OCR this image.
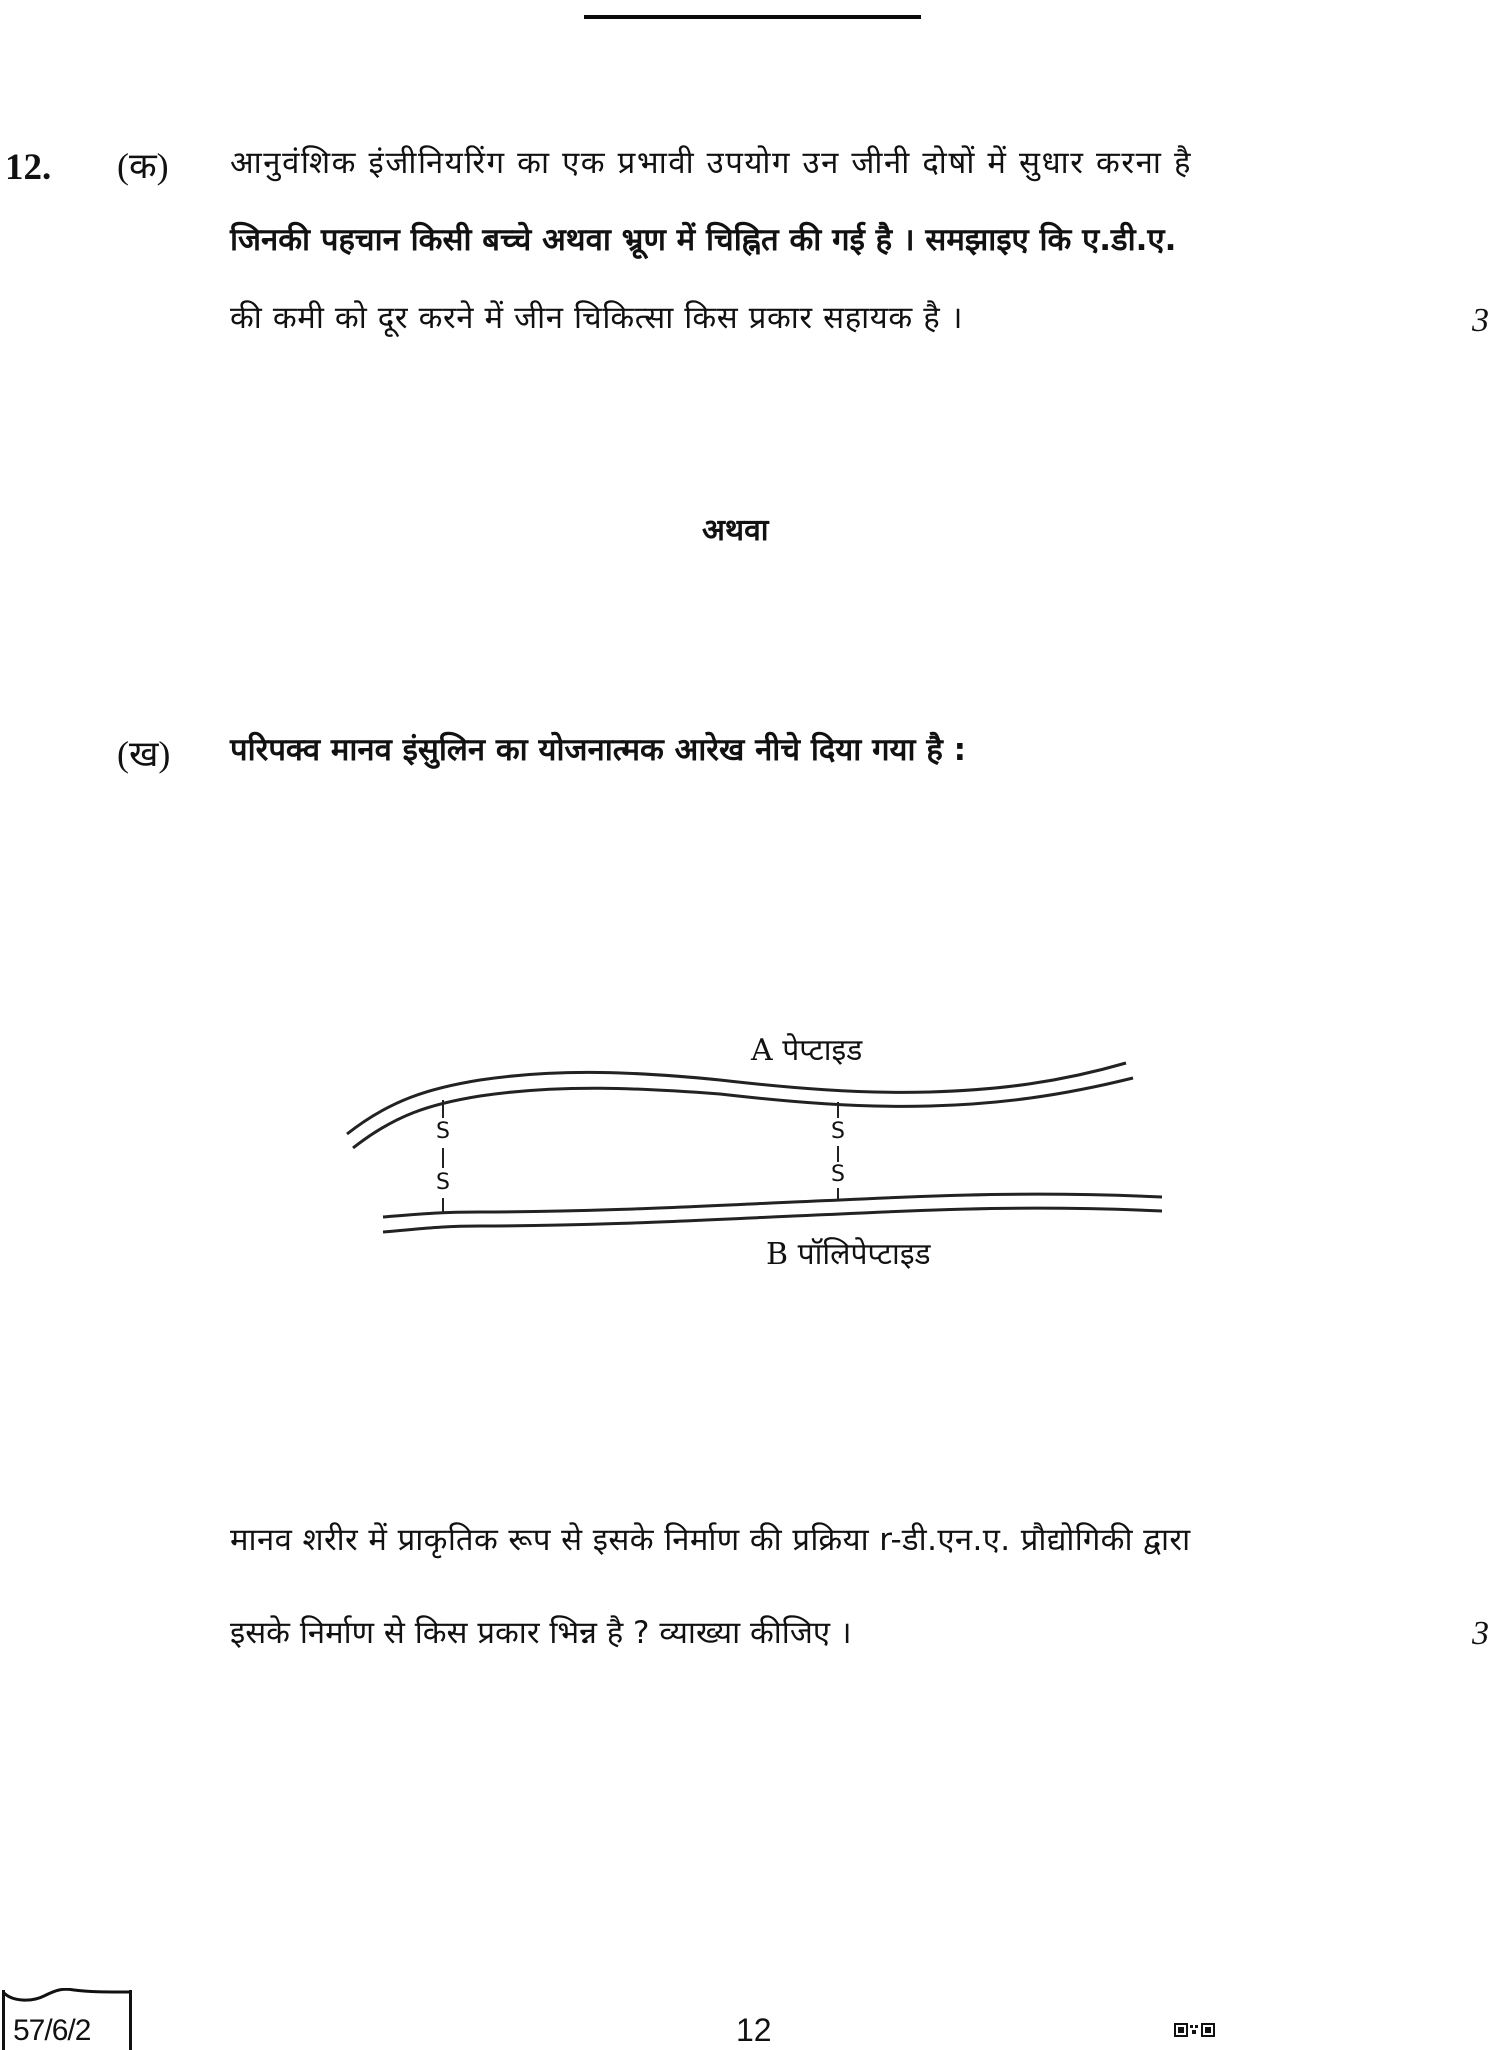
12. (क) आनुवंशिक इंजीनियरिंग का एक प्रभावी उपयोग उन जीनी दोषों में सुधार करना है
जिनकी पहचान किसी बच्चे अथवा भ्रूण में चिह्नित की गई है । समझाइए कि ए.डी.ए.
की कमी को दूर करने में जीन चिकित्सा किस प्रकार सहायक है ।	3
अथवा
(ख) परिपक्व मानव इंसुलिन का योजनात्मक आरेख नीचे दिया गया है :
S
S
S
S
A पेप्टाइड
B पॉलिपेप्टाइड
मानव शरीर में प्राकृतिक रूप से इसके निर्माण की प्रक्रिया r-डी.एन.ए. प्रौद्योगिकी द्वारा
इसके निर्माण से किस प्रकार भिन्न है ? व्याख्या कीजिए ।	3
57/6/2	12
